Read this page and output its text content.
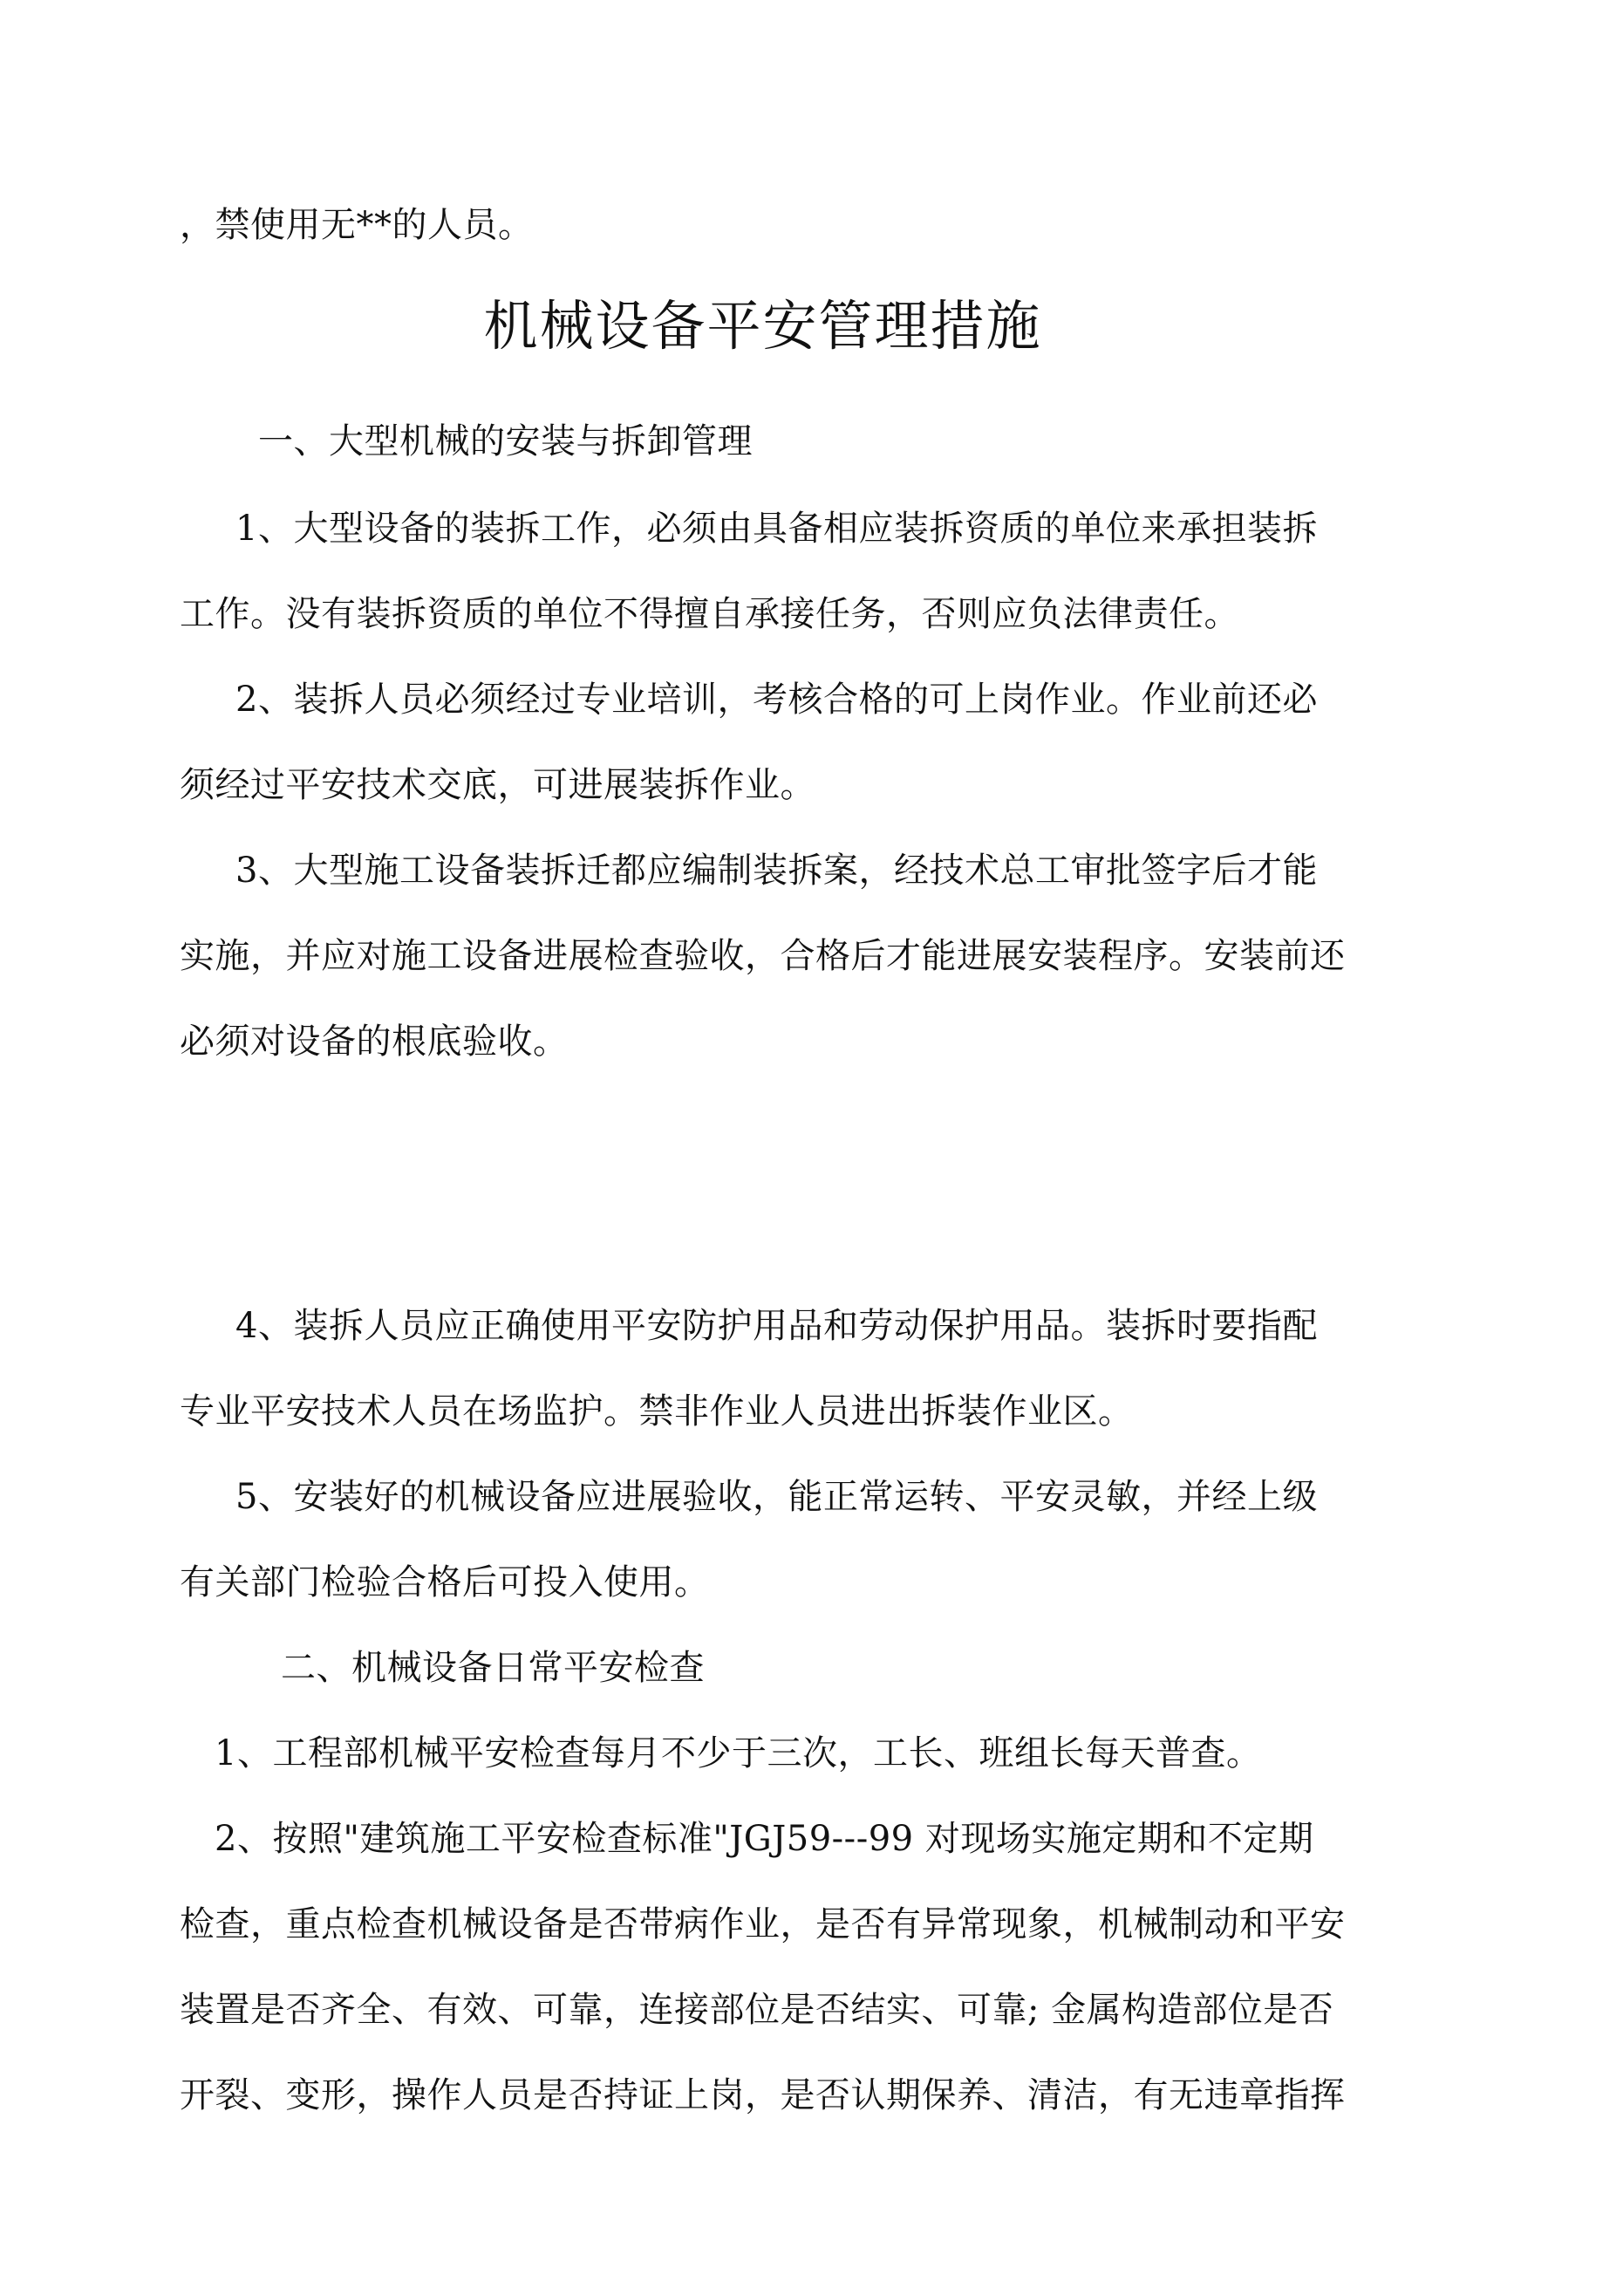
，禁使用无**的人员。

机械设备平安管理措施

一、大型机械的安装与拆卸管理

1、大型设备的装拆工作，必须由具备相应装拆资质的单位来承担装拆

工作。没有装拆资质的单位不得擅自承接任务，否则应负法律责任。

2、装拆人员必须经过专业培训，考核合格的可上岗作业。作业前还必

须经过平安技术交底，可进展装拆作业。

3、大型施工设备装拆迁都应编制装拆案，经技术总工审批签字后才能

实施，并应对施工设备进展检查验收，合格后才能进展安装程序。安装前还

必须对设备的根底验收。

4、装拆人员应正确使用平安防护用品和劳动保护用品。装拆时要指配

专业平安技术人员在场监护。禁非作业人员进出拆装作业区。

5、安装好的机械设备应进展验收，能正常运转、平安灵敏，并经上级

有关部门检验合格后可投入使用。

二、机械设备日常平安检查

1、工程部机械平安检查每月不少于三次，工长、班组长每天普查。

2、按照"建筑施工平安检查标准"JGJ59---99 对现场实施定期和不定期

检查，重点检查机械设备是否带病作业，是否有异常现象，机械制动和平安

装置是否齐全、有效、可靠，连接部位是否结实、可靠; 金属构造部位是否

开裂、变形，操作人员是否持证上岗，是否认期保养、清洁，有无违章指挥
